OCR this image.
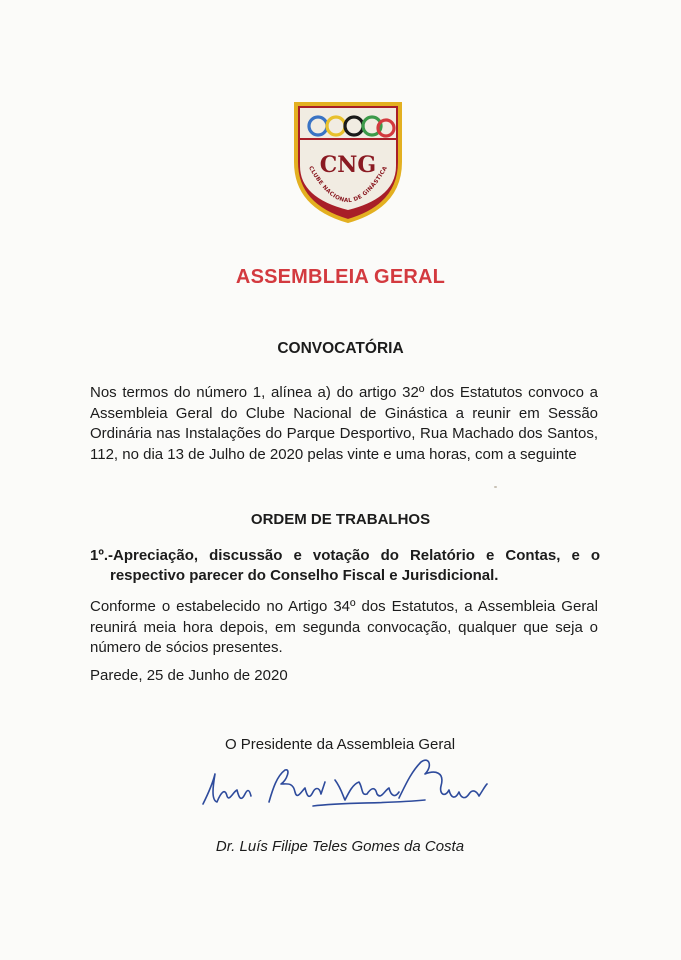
CNG
CLUBE NACIONAL DE GINÁSTICA
ASSEMBLEIA GERAL
CONVOCATÓRIA
Nos termos do número 1, alínea a) do artigo 32º dos Estatutos convoco a Assembleia Geral do Clube Nacional de Ginástica a reunir em Sessão Ordinária nas Instalações do Parque Desportivo, Rua Machado dos Santos, 112, no dia 13 de Julho de 2020 pelas vinte e uma horas, com a seguinte
ORDEM DE TRABALHOS
1º.-Apreciação, discussão e votação do Relatório e Contas, e o respectivo parecer do Conselho Fiscal e Jurisdicional.
Conforme o estabelecido no Artigo 34º dos Estatutos, a Assembleia Geral reunirá meia hora depois, em segunda convocação, qualquer que seja o número de sócios presentes.
Parede, 25 de Junho de 2020
O Presidente da Assembleia Geral
Dr. Luís Filipe Teles Gomes da Costa
